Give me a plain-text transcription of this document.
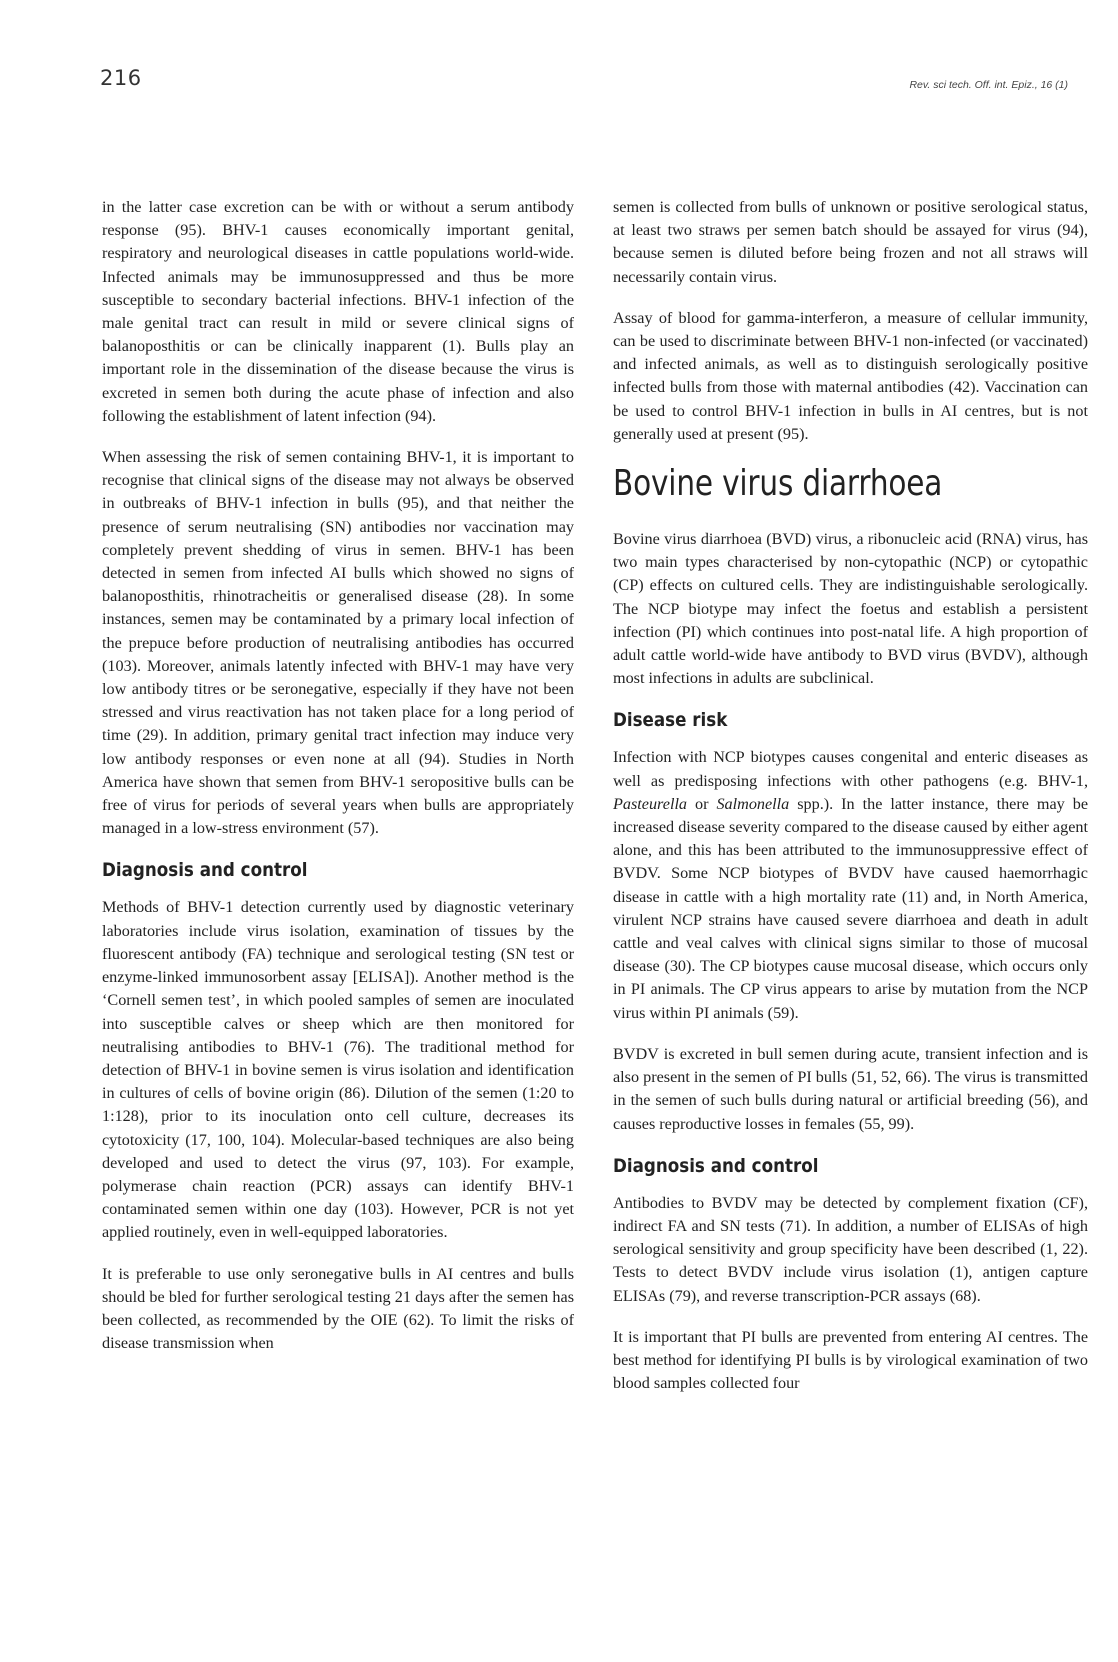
216	Rev. sci tech. Off. int. Epiz., 16 (1)

in the latter case excretion can be with or without a serum antibody response (95). BHV-1 causes economically important genital, respiratory and neurological diseases in cattle populations world-wide. Infected animals may be immunosuppressed and thus be more susceptible to secondary bacterial infections. BHV-1 infection of the male genital tract can result in mild or severe clinical signs of balanoposthitis or can be clinically inapparent (1). Bulls play an important role in the dissemination of the disease because the virus is excreted in semen both during the acute phase of infection and also following the establishment of latent infection (94).

When assessing the risk of semen containing BHV-1, it is important to recognise that clinical signs of the disease may not always be observed in outbreaks of BHV-1 infection in bulls (95), and that neither the presence of serum neutralising (SN) antibodies nor vaccination may completely prevent shedding of virus in semen. BHV-1 has been detected in semen from infected AI bulls which showed no signs of balanoposthitis, rhinotracheitis or generalised disease (28). In some instances, semen may be contaminated by a primary local infection of the prepuce before production of neutralising antibodies has occurred (103). Moreover, animals latently infected with BHV-1 may have very low antibody titres or be seronegative, especially if they have not been stressed and virus reactivation has not taken place for a long period of time (29). In addition, primary genital tract infection may induce very low antibody responses or even none at all (94). Studies in North America have shown that semen from BHV-1 seropositive bulls can be free of virus for periods of several years when bulls are appropriately managed in a low-stress environment (57).

Diagnosis and control

Methods of BHV-1 detection currently used by diagnostic veterinary laboratories include virus isolation, examination of tissues by the fluorescent antibody (FA) technique and serological testing (SN test or enzyme-linked immunosorbent assay [ELISA]). Another method is the ‘Cornell semen test’, in which pooled samples of semen are inoculated into susceptible calves or sheep which are then monitored for neutralising antibodies to BHV-1 (76). The traditional method for detection of BHV-1 in bovine semen is virus isolation and identification in cultures of cells of bovine origin (86). Dilution of the semen (1:20 to 1:128), prior to its inoculation onto cell culture, decreases its cytotoxicity (17, 100, 104). Molecular-based techniques are also being developed and used to detect the virus (97, 103). For example, polymerase chain reaction (PCR) assays can identify BHV-1 contaminated semen within one day (103). However, PCR is not yet applied routinely, even in well-equipped laboratories.

It is preferable to use only seronegative bulls in AI centres and bulls should be bled for further serological testing 21 days after the semen has been collected, as recommended by the OIE (62). To limit the risks of disease transmission when

semen is collected from bulls of unknown or positive serological status, at least two straws per semen batch should be assayed for virus (94), because semen is diluted before being frozen and not all straws will necessarily contain virus.

Assay of blood for gamma-interferon, a measure of cellular immunity, can be used to discriminate between BHV-1 non-infected (or vaccinated) and infected animals, as well as to distinguish serologically positive infected bulls from those with maternal antibodies (42). Vaccination can be used to control BHV-1 infection in bulls in AI centres, but is not generally used at present (95).

Bovine virus diarrhoea

Bovine virus diarrhoea (BVD) virus, a ribonucleic acid (RNA) virus, has two main types characterised by non-cytopathic (NCP) or cytopathic (CP) effects on cultured cells. They are indistinguishable serologically. The NCP biotype may infect the foetus and establish a persistent infection (PI) which continues into post-natal life. A high proportion of adult cattle world-wide have antibody to BVD virus (BVDV), although most infections in adults are subclinical.

Disease risk

Infection with NCP biotypes causes congenital and enteric diseases as well as predisposing infections with other pathogens (e.g. BHV-1, Pasteurella or Salmonella spp.). In the latter instance, there may be increased disease severity compared to the disease caused by either agent alone, and this has been attributed to the immunosuppressive effect of BVDV. Some NCP biotypes of BVDV have caused haemorrhagic disease in cattle with a high mortality rate (11) and, in North America, virulent NCP strains have caused severe diarrhoea and death in adult cattle and veal calves with clinical signs similar to those of mucosal disease (30). The CP biotypes cause mucosal disease, which occurs only in PI animals. The CP virus appears to arise by mutation from the NCP virus within PI animals (59).

BVDV is excreted in bull semen during acute, transient infection and is also present in the semen of PI bulls (51, 52, 66). The virus is transmitted in the semen of such bulls during natural or artificial breeding (56), and causes reproductive losses in females (55, 99).

Diagnosis and control

Antibodies to BVDV may be detected by complement fixation (CF), indirect FA and SN tests (71). In addition, a number of ELISAs of high serological sensitivity and group specificity have been described (1, 22). Tests to detect BVDV include virus isolation (1), antigen capture ELISAs (79), and reverse transcription-PCR assays (68).

It is important that PI bulls are prevented from entering AI centres. The best method for identifying PI bulls is by virological examination of two blood samples collected four
